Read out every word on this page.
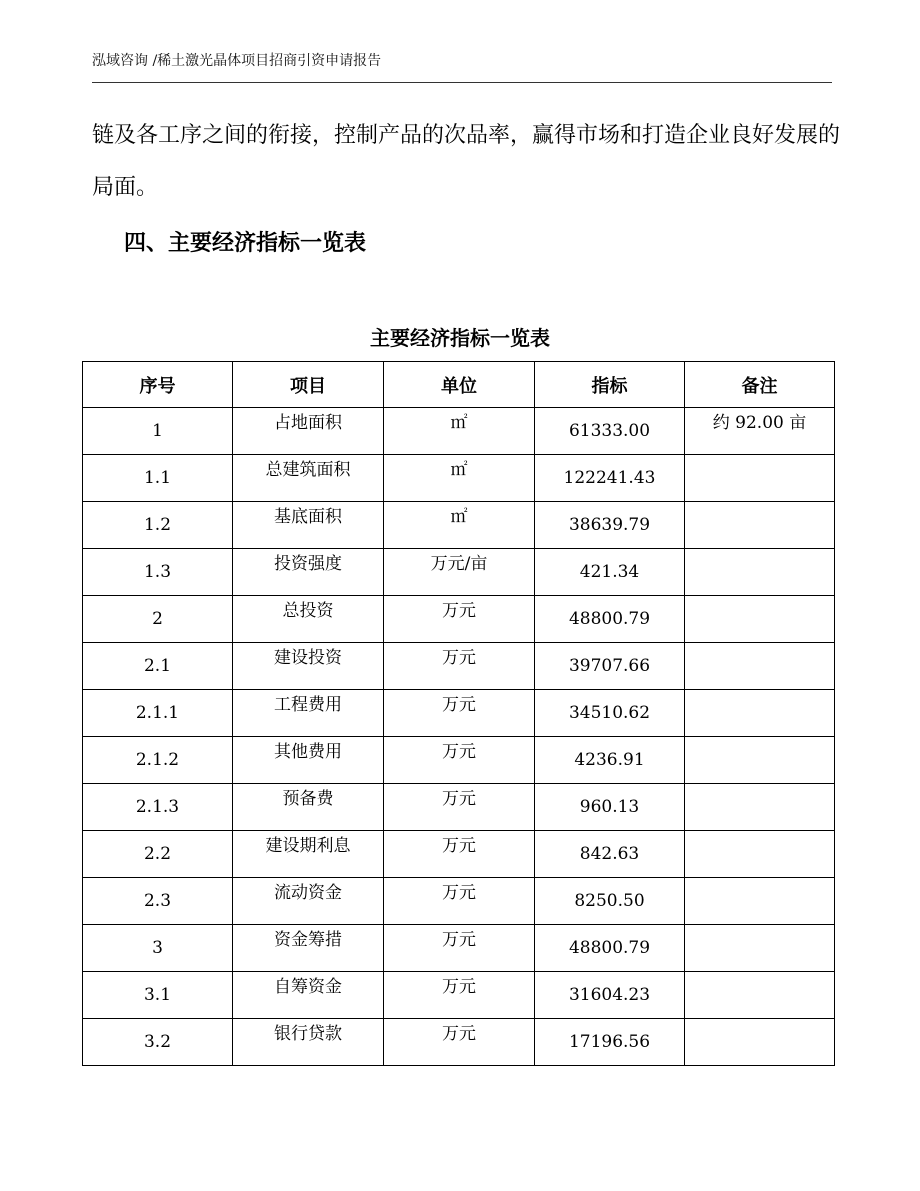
泓域咨询 /稀土激光晶体项目招商引资申请报告

链及各工序之间的衔接，控制产品的次品率，赢得市场和打造企业良好发展的局面。

四、主要经济指标一览表
主要经济指标一览表
序号	项目	单位	指标	备注
1	占地面积	㎡	61333.00	约 92.00 亩
1.1	总建筑面积	㎡	122241.43	
1.2	基底面积	㎡	38639.79	
1.3	投资强度	万元/亩	421.34	
2	总投资	万元	48800.79	
2.1	建设投资	万元	39707.66	
2.1.1	工程费用	万元	34510.62	
2.1.2	其他费用	万元	4236.91	
2.1.3	预备费	万元	960.13	
2.2	建设期利息	万元	842.63	
2.3	流动资金	万元	8250.50	
3	资金筹措	万元	48800.79	
3.1	自筹资金	万元	31604.23	
3.2	银行贷款	万元	17196.56	
